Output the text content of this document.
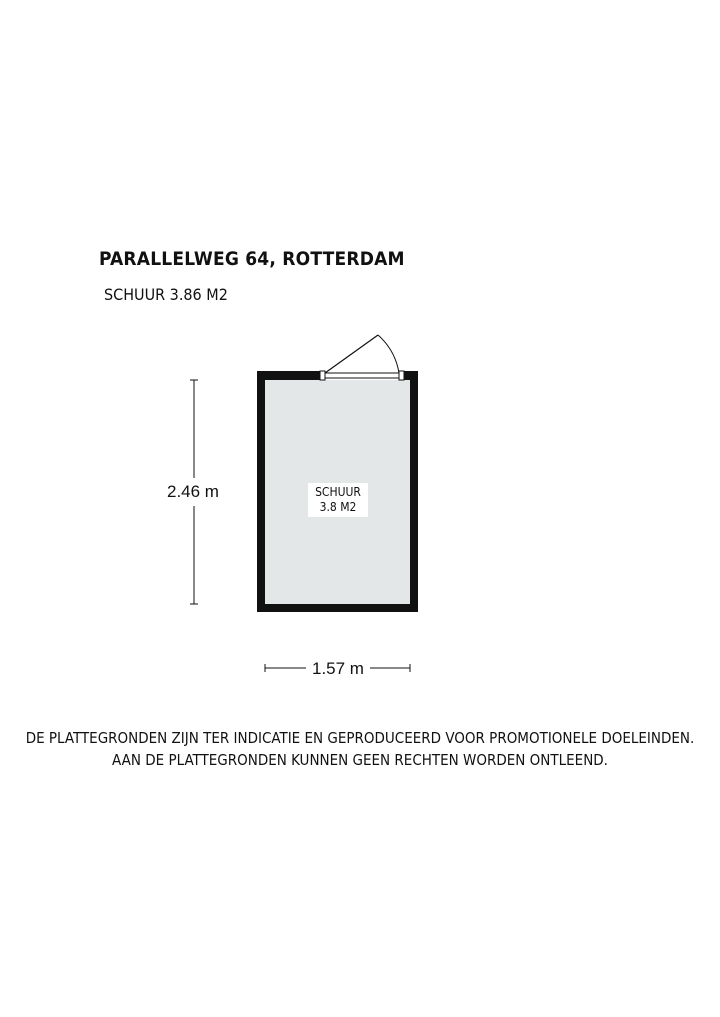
PARALLELWEG 64, ROTTERDAM
SCHUUR 3.86 M2
SCHUUR
3.8 M2
2.46 m
1.57 m
DE PLATTEGRONDEN ZIJN TER INDICATIE EN GEPRODUCEERD VOOR PROMOTIONELE DOELEINDEN.
AAN DE PLATTEGRONDEN KUNNEN GEEN RECHTEN WORDEN ONTLEEND.
